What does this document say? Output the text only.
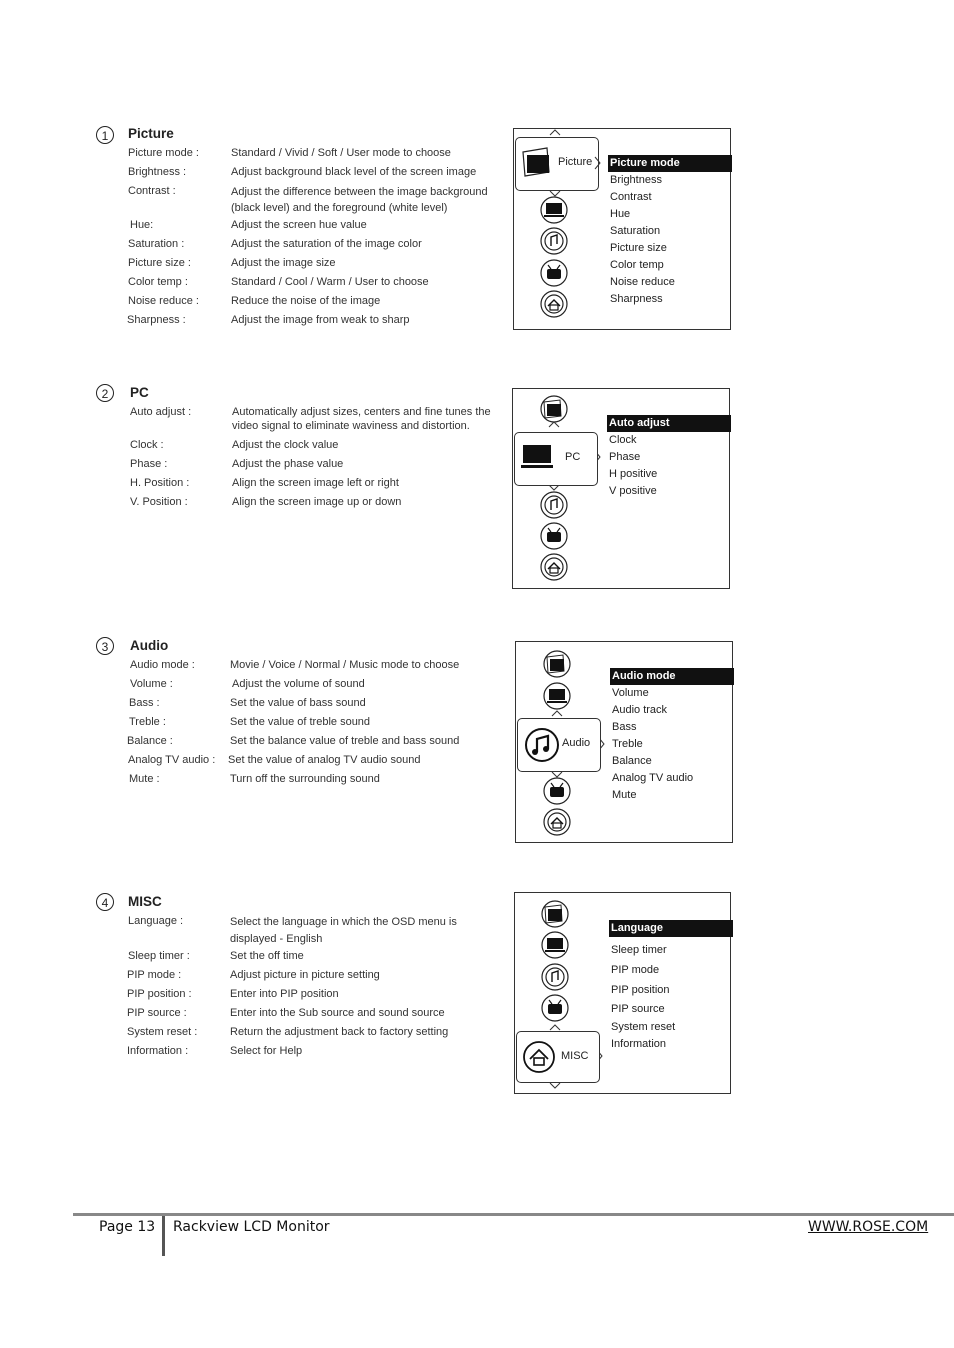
1	Picture
Picture mode :	Standard / Vivid / Soft / User mode to choose
Brightness :	Adjust background black level of the screen image
Contrast :	Adjust the difference between the image background (black level) and the foreground (white level)
Hue:	Adjust the screen hue value
Saturation :	Adjust the saturation of the image color
Picture size :	Adjust the image size
Color temp :	Standard / Cool / Warm / User to choose
Noise reduce :	Reduce the noise of the image
Sharpness :	Adjust the image from weak to sharp
Picture Picture mode
Brightness
Contrast
Hue
Saturation
Picture size
Color temp
Noise reduce
Sharpness
2	PC
Auto adjust :	Automatically adjust sizes, centers and fine tunes the video signal to eliminate waviness and distortion.
Clock :	Adjust the clock value
Phase :	Adjust the phase value
H. Position :	Align the screen image left or right
V. Position :	Align the screen image up or down
PC
Auto adjust
Clock
Phase
H positive
V positive
3	Audio
Audio mode :	Movie / Voice / Normal / Music mode to choose
Volume :	Adjust the volume of sound
Bass :	Set the value of bass sound
Treble :	Set the value of treble sound
Balance :	Set the balance value of treble and bass sound
Analog TV audio : Set the value of analog TV audio sound
Mute :	Turn off the surrounding sound
Audio
Audio mode
Volume
Audio track
Bass
Treble
Balance
Analog TV audio
Mute
4	MISC
Language :	Select the language in which the OSD menu is displayed - English
Sleep timer :	Set the off time
PIP mode :	Adjust picture in picture setting
PIP position :	Enter into PIP position
PIP source :	Enter into the Sub source and sound source
System reset :	Return the adjustment back to factory setting
Information :	Select for Help	MISC
Language
Sleep timer
PIP mode
PIP position
PIP source
System reset
Information
Page 13 Rackview LCD Monitor	WWW.ROSE.COM
